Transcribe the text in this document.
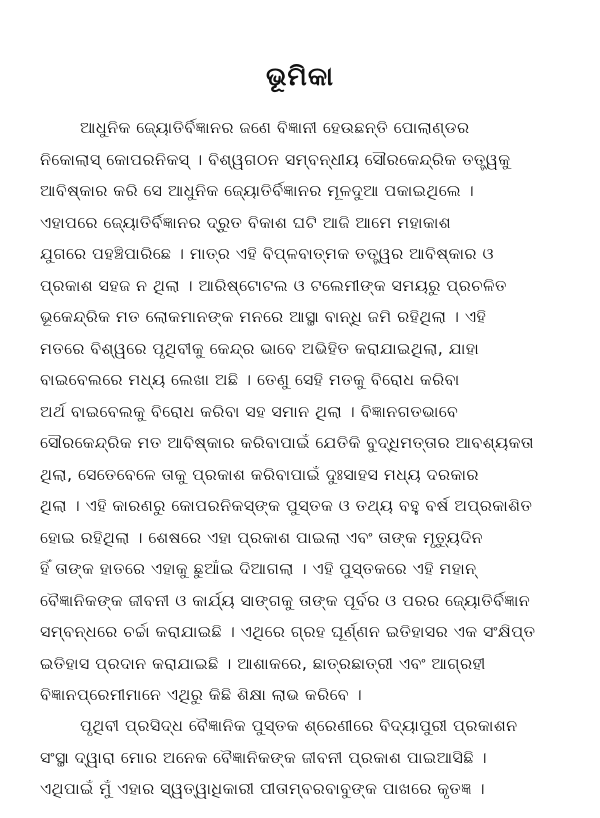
ଭୂମିକା
ଆଧୁନିକ ଜ୍ୟୋତିର୍ବିଜ୍ଞାନର ଜଣେ ବିଜ୍ଞାନୀ ହେଉଛନ୍ତି ପୋଲାଣ୍ଡର
ନିକୋଲାସ୍ କୋପରନିକସ୍ । ବିଶ୍ୱଗଠନ ସମ୍ବନ୍ଧୀୟ ସୌରକେନ୍ଦ୍ରିକ ତତ୍ତ୍ୱକୁ
ଆବିଷ୍କାର କରି ସେ ଆଧୁନିକ ଜ୍ୟୋତିର୍ବିଜ୍ଞାନର ମୂଳଦୁଆ ପକାଇଥିଲେ ।
ଏହାପରେ ଜ୍ୟୋତିର୍ବିଜ୍ଞାନର ଦ୍ରୁତ ବିକାଶ ଘଟି ଆଜି ଆମେ ମହାକାଶ
ଯୁଗରେ ପହଞ୍ଚିପାରିଛେ । ମାତ୍ର ଏହି ବିପ୍ଳବାତ୍ମକ ତତ୍ତ୍ୱର ଆବିଷ୍କାର ଓ
ପ୍ରକାଶ ସହଜ ନ ଥିଲା । ଆରିଷ୍ଟୋଟଲ ଓ ଟଲେମୀଙ୍କ ସମୟରୁ ପ୍ରଚଳିତ
ଭୂକେନ୍ଦ୍ରିକ ମତ ଲୋକମାନଙ୍କ ମନରେ ଆସ୍ଥା ବାନ୍ଧି ଜମି ରହିଥିଲା । ଏହି
ମତରେ ବିଶ୍ୱରେ ପୃଥିବୀକୁ କେନ୍ଦ୍ର ଭାବେ ଅଭିହିତ କରାଯାଇଥିଲା, ଯାହା
ବାଇବେଲରେ ମଧ୍ୟ ଲେଖା ଅଛି । ତେଣୁ ସେହି ମତକୁ ବିରୋଧ କରିବା
ଅର୍ଥ ବାଇବେଲକୁ ବିରୋଧ କରିବା ସହ ସମାନ ଥିଲା । ବିଜ୍ଞାନଗତଭାବେ
ସୌରକେନ୍ଦ୍ରିକ ମତ ଆବିଷ୍କାର କରିବାପାଇଁ ଯେତିକି ବୁଦ୍ଧିମତ୍ତାର ଆବଶ୍ୟକତା
ଥିଲା, ସେତେବେଳେ ତାକୁ ପ୍ରକାଶ କରିବାପାଇଁ ଦୁଃସାହସ ମଧ୍ୟ ଦରକାର
ଥିଲା । ଏହି କାରଣରୁ କୋପରନିକସ୍ଙ୍କ ପୁସ୍ତକ ଓ ତଥ୍ୟ ବହୁ ବର୍ଷ ଅପ୍ରକାଶିତ
ହୋଇ ରହିଥିଲା । ଶେଷରେ ଏହା ପ୍ରକାଶ ପାଇଲା ଏବଂ ତାଙ୍କ ମୃତ୍ୟୁଦିନ
ହିଁ ତାଙ୍କ ହାତରେ ଏହାକୁ ଛୁଆଁଇ ଦିଆଗଲା । ଏହି ପୁସ୍ତକରେ ଏହି ମହାନ୍
ବୈଜ୍ଞାନିକଙ୍କ ଜୀବନୀ ଓ କାର୍ଯ୍ୟ ସାଙ୍ଗକୁ ତାଙ୍କ ପୂର୍ବର ଓ ପରର ଜ୍ୟୋତିର୍ବିଜ୍ଞାନ
ସମ୍ବନ୍ଧରେ ଚର୍ଚ୍ଚା କରାଯାଇଛି । ଏଥିରେ ଗ୍ରହ ଘୂର୍ଣ୍ଣନ ଇତିହାସର ଏକ ସଂକ୍ଷିପ୍ତ
ଇତିହାସ ପ୍ରଦାନ କରାଯାଇଛି । ଆଶାକରେ, ଛାତ୍ରଛାତ୍ରୀ ଏବଂ ଆଗ୍ରହୀ
ବିଜ୍ଞାନପ୍ରେମୀମାନେ ଏଥିରୁ କିଛି ଶିକ୍ଷା ଲାଭ କରିବେ ।
ପୃଥିବୀ ପ୍ରସିଦ୍ଧ ବୈଜ୍ଞାନିକ ପୁସ୍ତକ ଶ୍ରେଣୀରେ ବିଦ୍ୟାପୁରୀ ପ୍ରକାଶନ
ସଂସ୍ଥା ଦ୍ୱାରା ମୋର ଅନେକ ବୈଜ୍ଞାନିକଙ୍କ ଜୀବନୀ ପ୍ରକାଶ ପାଇଆସିଛି ।
ଏଥିପାଇଁ ମୁଁ ଏହାର ସ୍ୱତ୍ୱାଧିକାରୀ ପୀତାମ୍ବରବାବୁଙ୍କ ପାଖରେ କୃତଜ୍ଞ ।
